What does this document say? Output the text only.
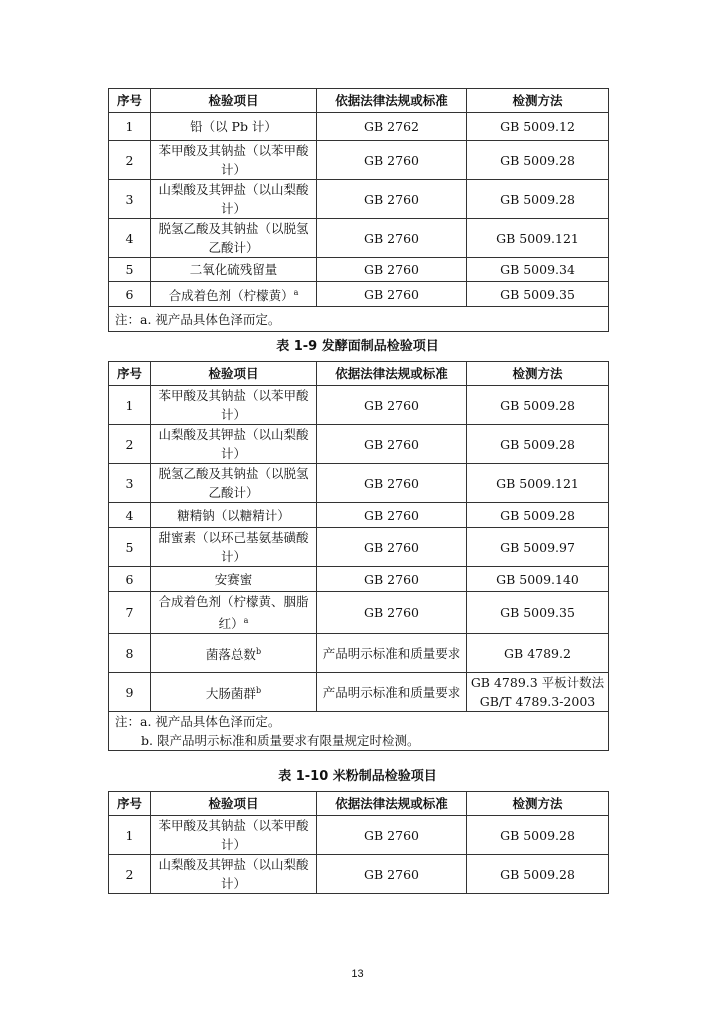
序号	检验项目	依据法律法规或标准	检测方法
1	铅（以 Pb 计）	GB 2762	GB 5009.12
2	苯甲酸及其钠盐（以苯甲酸计）	GB 2760	GB 5009.28
3	山梨酸及其钾盐（以山梨酸计）	GB 2760	GB 5009.28
4	脱氢乙酸及其钠盐（以脱氢乙酸计）	GB 2760	GB 5009.121
5	二氧化硫残留量	GB 2760	GB 5009.34
6	合成着色剂（柠檬黄）$^a$	GB 2760	GB 5009.35

注：a. 视产品具体色泽而定。			
表 1-9 发酵面制品检验项目
序号	检验项目	依据法律法规或标准	检测方法
1	苯甲酸及其钠盐（以苯甲酸计）	GB 2760	GB 5009.28
2	山梨酸及其钾盐（以山梨酸计）	GB 2760	GB 5009.28
3	脱氢乙酸及其钠盐（以脱氢乙酸计）	GB 2760	GB 5009.121
4	糖精钠（以糖精计）	GB 2760	GB 5009.28
5	甜蜜素（以环己基氨基磺酸计）	GB 2760	GB 5009.97
6	安赛蜜	GB 2760	GB 5009.140
7	合成着色剂（柠檬黄、胭脂红）$^a$	GB 2760	GB 5009.35
8	菌落总数$^b$	产品明示标准和质量要求	GB 4789.2
9	大肠菌群$^b$	产品明示标准和质量要求	GB 4789.3 平板计数法 GB/T 4789.3-2003

注：a. 视产品具体色泽而定。
b. 限产品明示标准和质量要求有限量规定时检测。			
表 1-10 米粉制品检验项目
序号	检验项目	依据法律法规或标准	检测方法
1	苯甲酸及其钠盐（以苯甲酸计）	GB 2760	GB 5009.28
2	山梨酸及其钾盐（以山梨酸计）	GB 2760	GB 5009.28
13
